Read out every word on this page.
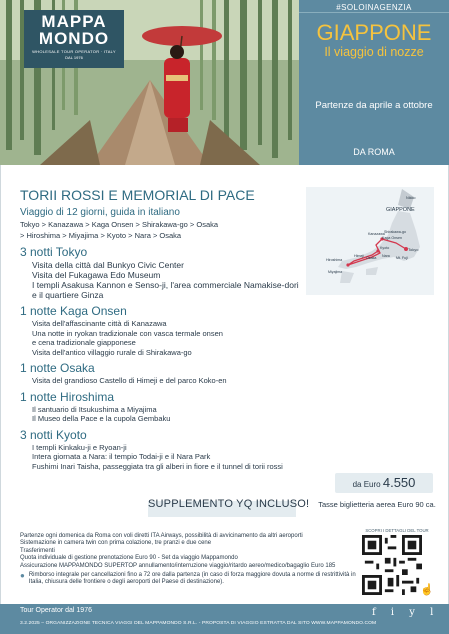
MAPPA
MONDO
WHOLESALE TOUR OPERATOR · ITALY
DAL 1976
#SOLOINAGENZIA
GIAPPONE
Il viaggio di nozze
Partenze da aprile a ottobre
DA ROMA
GIAPPONE
Nikko
Tokyo
Shirakawa-go
Kaga Onsen
Kanazawa
Nara
Kyoto
Mt. Fuji
Osaka
Himeji
Hiroshima
Miyajima
TORII ROSSI E MEMORIAL DI PACE
Viaggio di 12 giorni, guida in italiano
Tokyo > Kanazawa > Kaga Onsen > Shirakawa-go > Osaka
> Hiroshima > Miyajima > Kyoto > Nara > Osaka
3 notti Tokyo
Visita della città dal Bunkyo Civic Center
Visita del Fukagawa Edo Museum
I templi Asakusa Kannon e Senso-ji, l'area commerciale Namakise-dori
e il quartiere Ginza
1 notte Kaga Onsen
Visita dell'affascinante città di Kanazawa
Una notte in ryokan tradizionale con vasca termale onsen
e cena tradizionale giapponese
Visita dell'antico villaggio rurale di Shirakawa-go
1 notte Osaka
Visita del grandioso Castello di Himeji e del parco Koko-en
1 notte Hiroshima
Il santuario di Itsukushima a Miyajima
Il Museo della Pace e la cupola Gembaku
3 notti Kyoto
I templi Kinkaku-ji e Ryoan-ji
Intera giornata a Nara: il tempio Todai-ji e il Nara Park
Fushimi Inari Taisha, passeggiata tra gli alberi in fiore e il tunnel di torii rossi
da Euro 4.550
SUPPLEMENTO YQ INCLUSO! Tasse biglietteria aerea Euro 90 ca.
Partenze ogni domenica da Roma con voli diretti ITA Airways, possibilità di avvicinamento da altri aeroporti
Sistemazione in camera twin con prima colazione, tre pranzi e due cene
Trasferimenti
Quota individuale di gestione prenotazione Euro 90 - Set da viaggio Mappamondo
Assicurazione MAPPAMONDO SUPERTOP annullamento/interruzione viaggio/ritardo aereo/medico/bagaglio Euro 185
● Rimborso integrale per cancellazioni fino a 72 ore dalla partenza (in caso di forza maggiore dovuta a norme di restrittività in Italia, chiusura delle frontiere o degli aeroporti del Paese di destinazione).
SCOPRI I DETTAGLI DEL TOUR
☝
Tour Operator dal 1976
3.2.2025 – ORGANIZZAZIONE TECNICA VIAGGI DEL MAPPAMONDO S.R.L. - PROPOSTA DI VIAGGIO ESTRATTA DAL SITO WWW.MAPPAMONDO.COM
f i y l
